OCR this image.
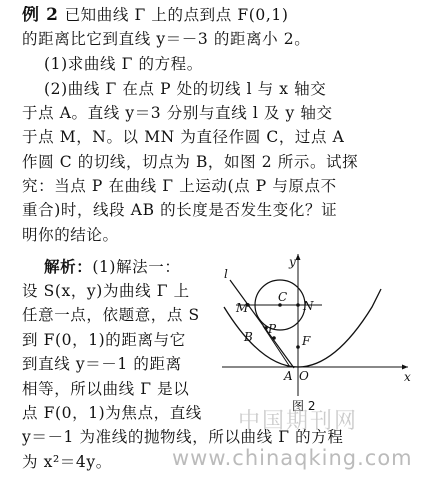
例 2 已知曲线 Γ 上的点到点 F(0,1)
的距离比它到直线 y＝－3 的距离小 2。
(1)求曲线 Γ 的方程。
(2)曲线 Γ 在点 P 处的切线 l 与 x 轴交
于点 A。直线 y＝3 分别与直线 l 及 y 轴交
于点 M，N。以 MN 为直径作圆 C，过点 A
作圆 C 的切线，切点为 B，如图 2 所示。试探
究：当点 P 在曲线 Γ 上运动(点 P 与原点不
重合)时，线段 AB 的长度是否发生变化？证
明你的结论。
解析：(1)解法一：
设 S(x，y)为曲线 Γ 上
任意一点，依题意，点 S
到 F(0，1)的距离与它
到直线 y＝－1 的距离
相等，所以曲线 Γ 是以
点 F(0，1)为焦点，直线
y＝－1 为准线的抛物线，所以曲线 Γ 的方程
为 x²＝4y。
l
y
x
M
C
N
P
B	F
A O
图 2
中国期刊网
www.chinaqking.com
